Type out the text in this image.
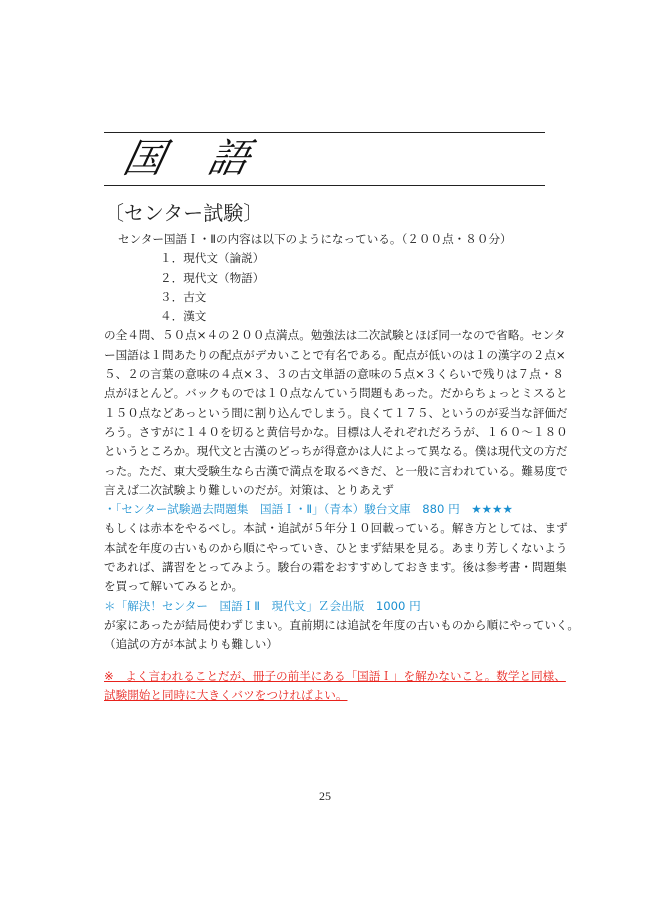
国 語
〔センター試験〕
センター国語Ｉ・Ⅱの内容は以下のようになっている。（２００点・８０分）
１．現代文（論説）
２．現代文（物語）
３．古文
４．漢文
の全４問、５０点×４の２００点満点。勉強法は二次試験とほぼ同一なので省略。センタ
ー国語は１問あたりの配点がデカいことで有名である。配点が低いのは１の漢字の２点×
５、２の言葉の意味の４点×３、３の古文単語の意味の５点×３くらいで残りは７点・８
点がほとんど。バックものでは１０点なんていう問題もあった。だからちょっとミスると
１５０点などあっという間に割り込んでしまう。良くて１７５、というのが妥当な評価だ
ろう。さすがに１４０を切ると黄信号かな。目標は人それぞれだろうが、１６０～１８０
というところか。現代文と古漢のどっちが得意かは人によって異なる。僕は現代文の方だ
った。ただ、東大受験生なら古漢で満点を取るべきだ、と一般に言われている。難易度で
言えば二次試験より難しいのだが。対策は、とりあえず
・「センター試験過去問題集　国語Ｉ・Ⅱ」（青本）駿台文庫　880 円　★★★★
もしくは赤本をやるべし。本試・追試が５年分１０回載っている。解き方としては、まず
本試を年度の古いものから順にやっていき、ひとまず結果を見る。あまり芳しくないよう
であれば、講習をとってみよう。駿台の霜をおすすめしておきます。後は参考書・問題集
を買って解いてみるとか。
＊「解決！センター　国語ＩⅡ　現代文」Ｚ会出版　1000 円
が家にあったが結局使わずじまい。直前期には追試を年度の古いものから順にやっていく。
（追試の方が本試よりも難しい）
※　よく言われることだが、冊子の前半にある「国語Ｉ」を解かないこと。数学と同様、
試験開始と同時に大きくバツをつければよい。
25
